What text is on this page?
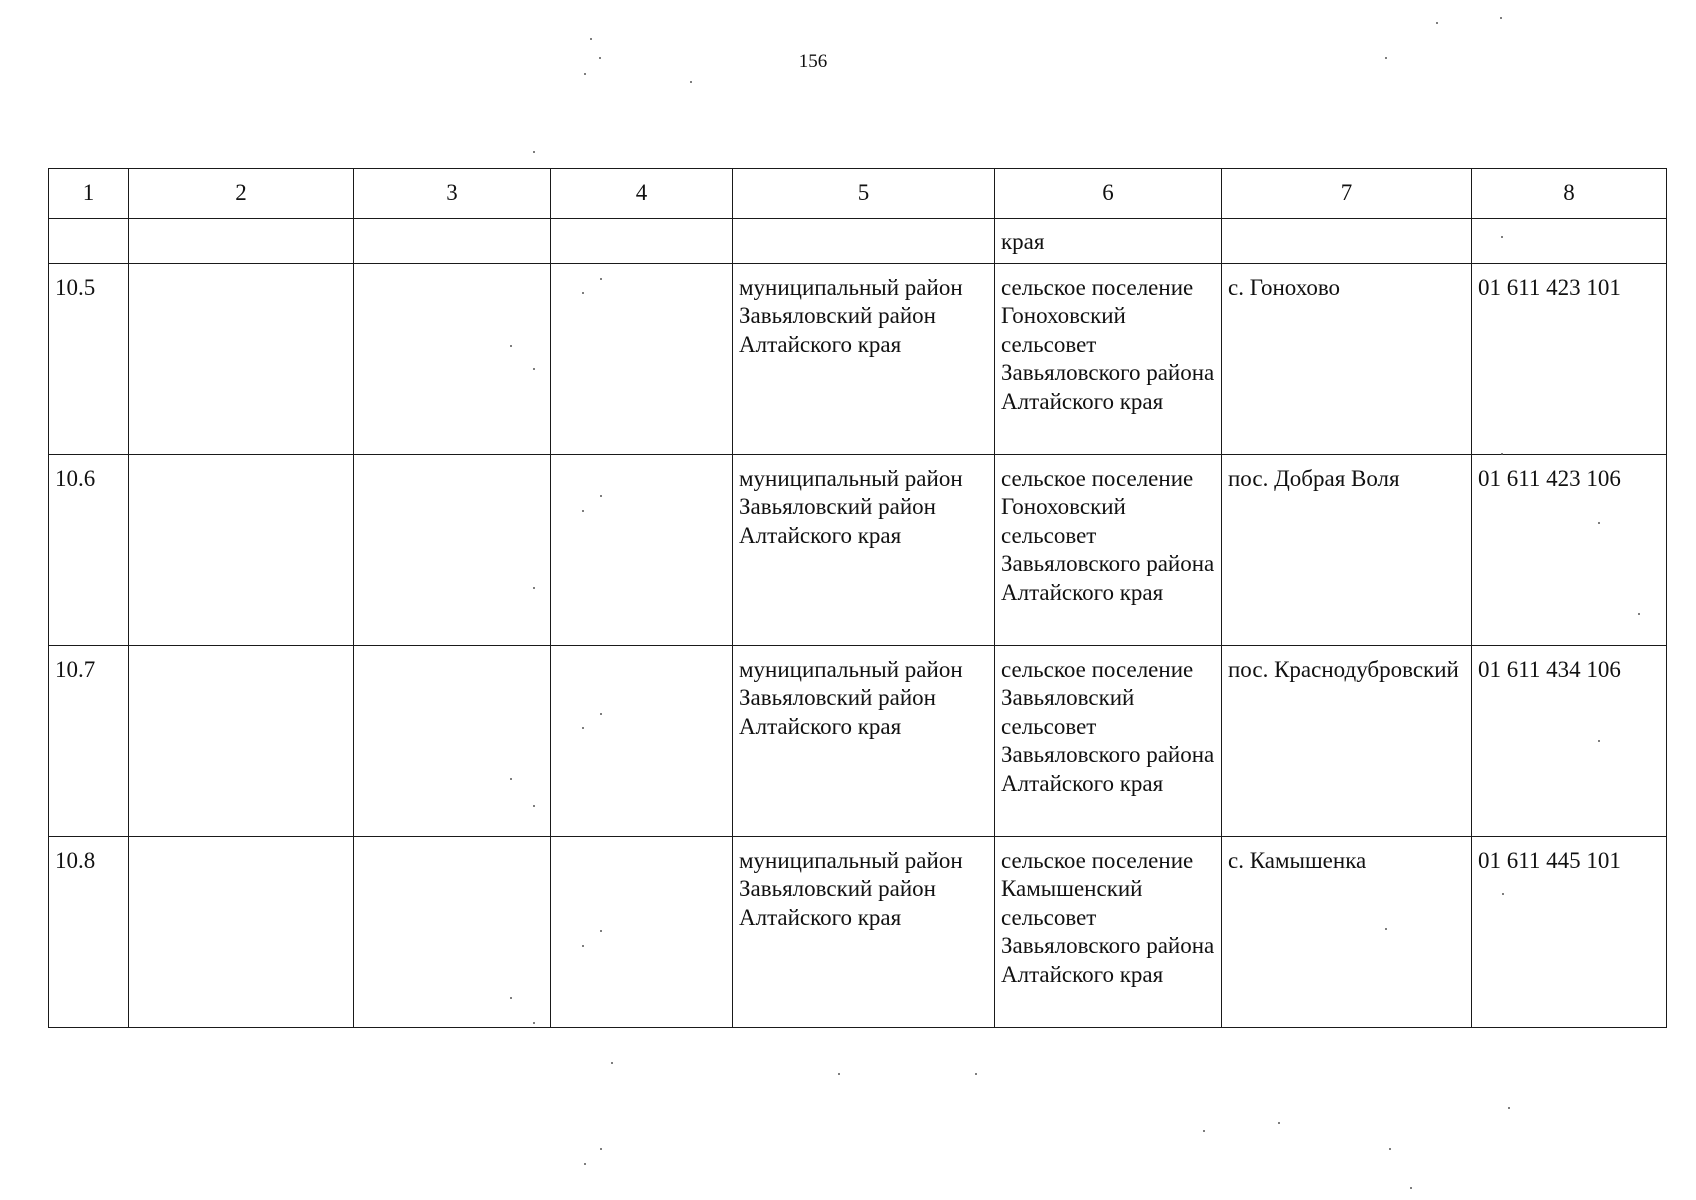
156
1	2	3	4	5	6	7	8
					края		
10.5				муниципальный район Завьяловский район Алтайского края	сельское поселение Гоноховский сельсовет Завьяловского района Алтайского края	с. Гонохово	01 611 423 101
10.6				муниципальный район Завьяловский район Алтайского края	сельское поселение Гоноховский сельсовет Завьяловского района Алтайского края	пос. Добрая Воля	01 611 423 106
10.7				муниципальный район Завьяловский район Алтайского края	сельское поселение Завьяловский сельсовет Завьяловского района Алтайского края	пос. Краснодубровский	01 611 434 106
10.8				муниципальный район Завьяловский район Алтайского края	сельское поселение Камышенский сельсовет Завьяловского района Алтайского края	с. Камышенка	01 611 445 101
